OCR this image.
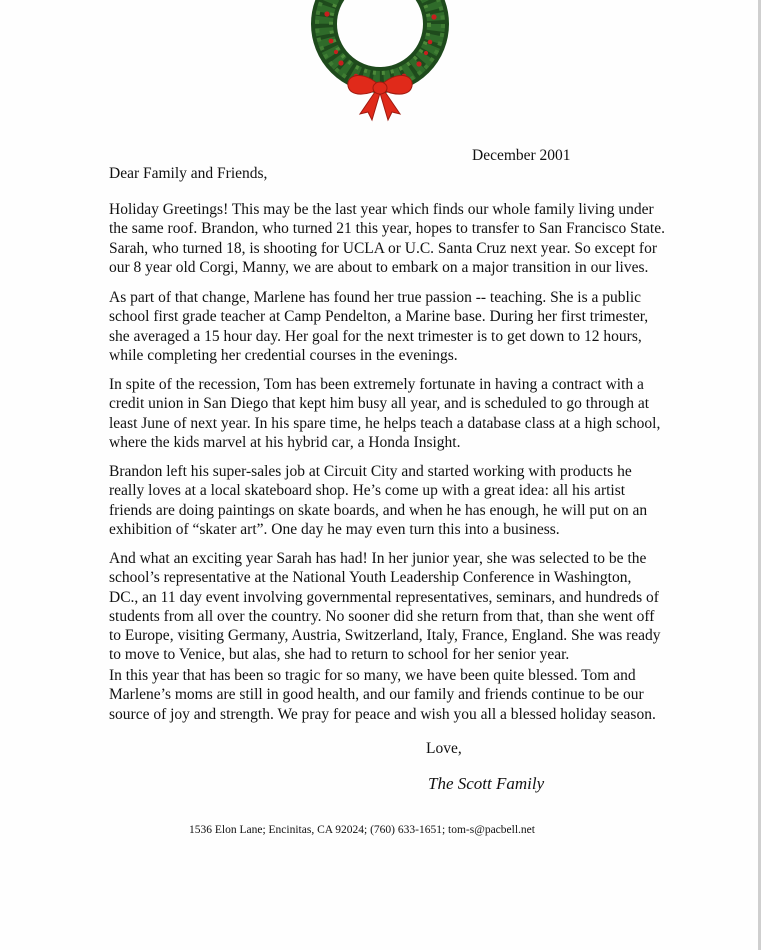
December 2001
Dear Family and Friends,
Holiday Greetings! This may be the last year which finds our whole family living under
the same roof. Brandon, who turned 21 this year, hopes to transfer to San Francisco State.
Sarah, who turned 18, is shooting for UCLA or U.C. Santa Cruz next year. So except for
our 8 year old Corgi, Manny, we are about to embark on a major transition in our lives.
As part of that change, Marlene has found her true passion -- teaching. She is a public
school first grade teacher at Camp Pendelton, a Marine base. During her first trimester,
she averaged a 15 hour day. Her goal for the next trimester is to get down to 12 hours,
while completing her credential courses in the evenings.
In spite of the recession, Tom has been extremely fortunate in having a contract with a
credit union in San Diego that kept him busy all year, and is scheduled to go through at
least June of next year. In his spare time, he helps teach a database class at a high school,
where the kids marvel at his hybrid car, a Honda Insight.
Brandon left his super-sales job at Circuit City and started working with products he
really loves at a local skateboard shop. He’s come up with a great idea: all his artist
friends are doing paintings on skate boards, and when he has enough, he will put on an
exhibition of “skater art”. One day he may even turn this into a business.
And what an exciting year Sarah has had! In her junior year, she was selected to be the
school’s representative at the National Youth Leadership Conference in Washington,
DC., an 11 day event involving governmental representatives, seminars, and hundreds of
students from all over the country. No sooner did she return from that, than she went off
to Europe, visiting Germany, Austria, Switzerland, Italy, France, England. She was ready
to move to Venice, but alas, she had to return to school for her senior year.
In this year that has been so tragic for so many, we have been quite blessed. Tom and
Marlene’s moms are still in good health, and our family and friends continue to be our
source of joy and strength. We pray for peace and wish you all a blessed holiday season.
Love,
The Scott Family
1536 Elon Lane; Encinitas, CA 92024; (760) 633-1651; tom-s@pacbell.net
